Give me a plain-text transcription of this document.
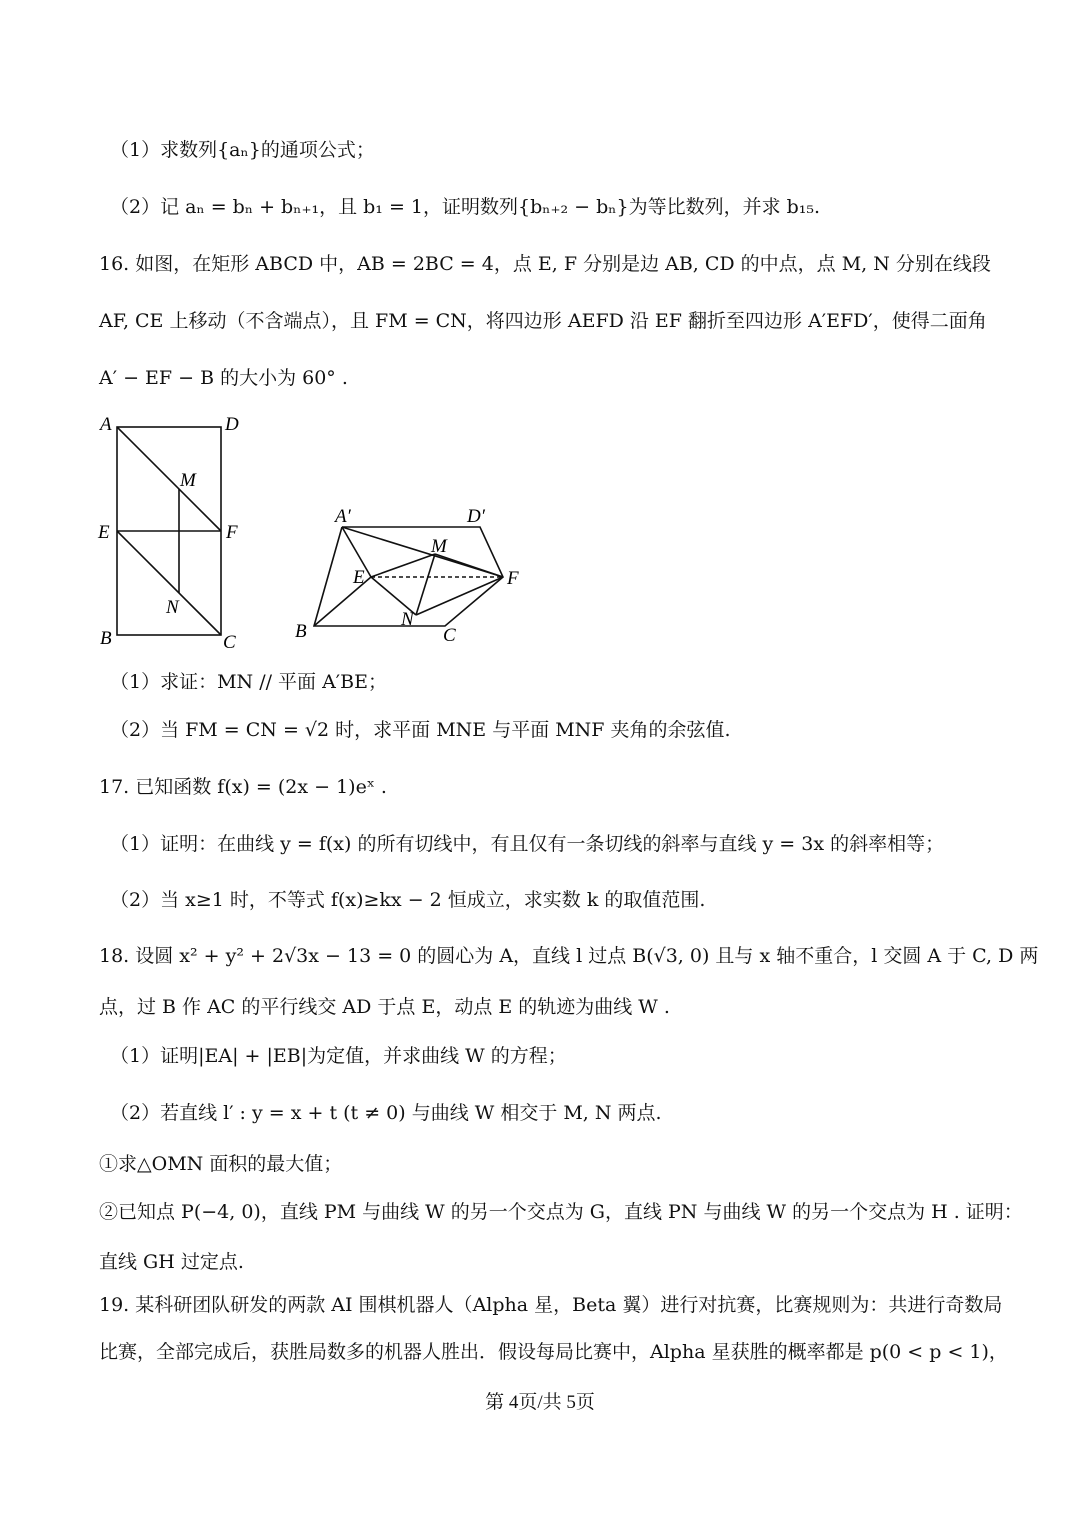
（1）求数列{aₙ}的通项公式；
（2）记 aₙ = bₙ + bₙ₊₁，且 b₁ = 1，证明数列{bₙ₊₂ − bₙ}为等比数列，并求 b₁₅.
16. 如图，在矩形 ABCD 中，AB = 2BC = 4，点 E, F 分别是边 AB, CD 的中点，点 M, N 分别在线段
AF, CE 上移动（不含端点），且 FM = CN，将四边形 AEFD 沿 EF 翻折至四边形 A′EFD′，使得二面角
A′ − EF − B 的大小为 60° .
A	D
M
E	F
N
B	C
A′	D′
M
E	F
N
B	C
（1）求证：MN // 平面 A′BE；
（2）当 FM = CN = √2 时，求平面 MNE 与平面 MNF 夹角的余弦值.
17. 已知函数 f(x) = (2x − 1)eˣ .
（1）证明：在曲线 y = f(x) 的所有切线中，有且仅有一条切线的斜率与直线 y = 3x 的斜率相等；
（2）当 x≥1 时，不等式 f(x)≥kx − 2 恒成立，求实数 k 的取值范围.
18. 设圆 x² + y² + 2√3x − 13 = 0 的圆心为 A，直线 l 过点 B(√3, 0) 且与 x 轴不重合，l 交圆 A 于 C, D 两
点，过 B 作 AC 的平行线交 AD 于点 E，动点 E 的轨迹为曲线 W .
（1）证明|EA| + |EB|为定值，并求曲线 W 的方程；
（2）若直线 l′ : y = x + t (t ≠ 0) 与曲线 W 相交于 M, N 两点.
①求△OMN 面积的最大值；
②已知点 P(−4, 0)，直线 PM 与曲线 W 的另一个交点为 G，直线 PN 与曲线 W 的另一个交点为 H . 证明：
直线 GH 过定点.
19. 某科研团队研发的两款 AI 围棋机器人（Alpha 星，Beta 翼）进行对抗赛，比赛规则为：共进行奇数局
比赛，全部完成后，获胜局数多的机器人胜出．假设每局比赛中，Alpha 星获胜的概率都是 p(0 < p < 1)，
第 4页/共 5页
